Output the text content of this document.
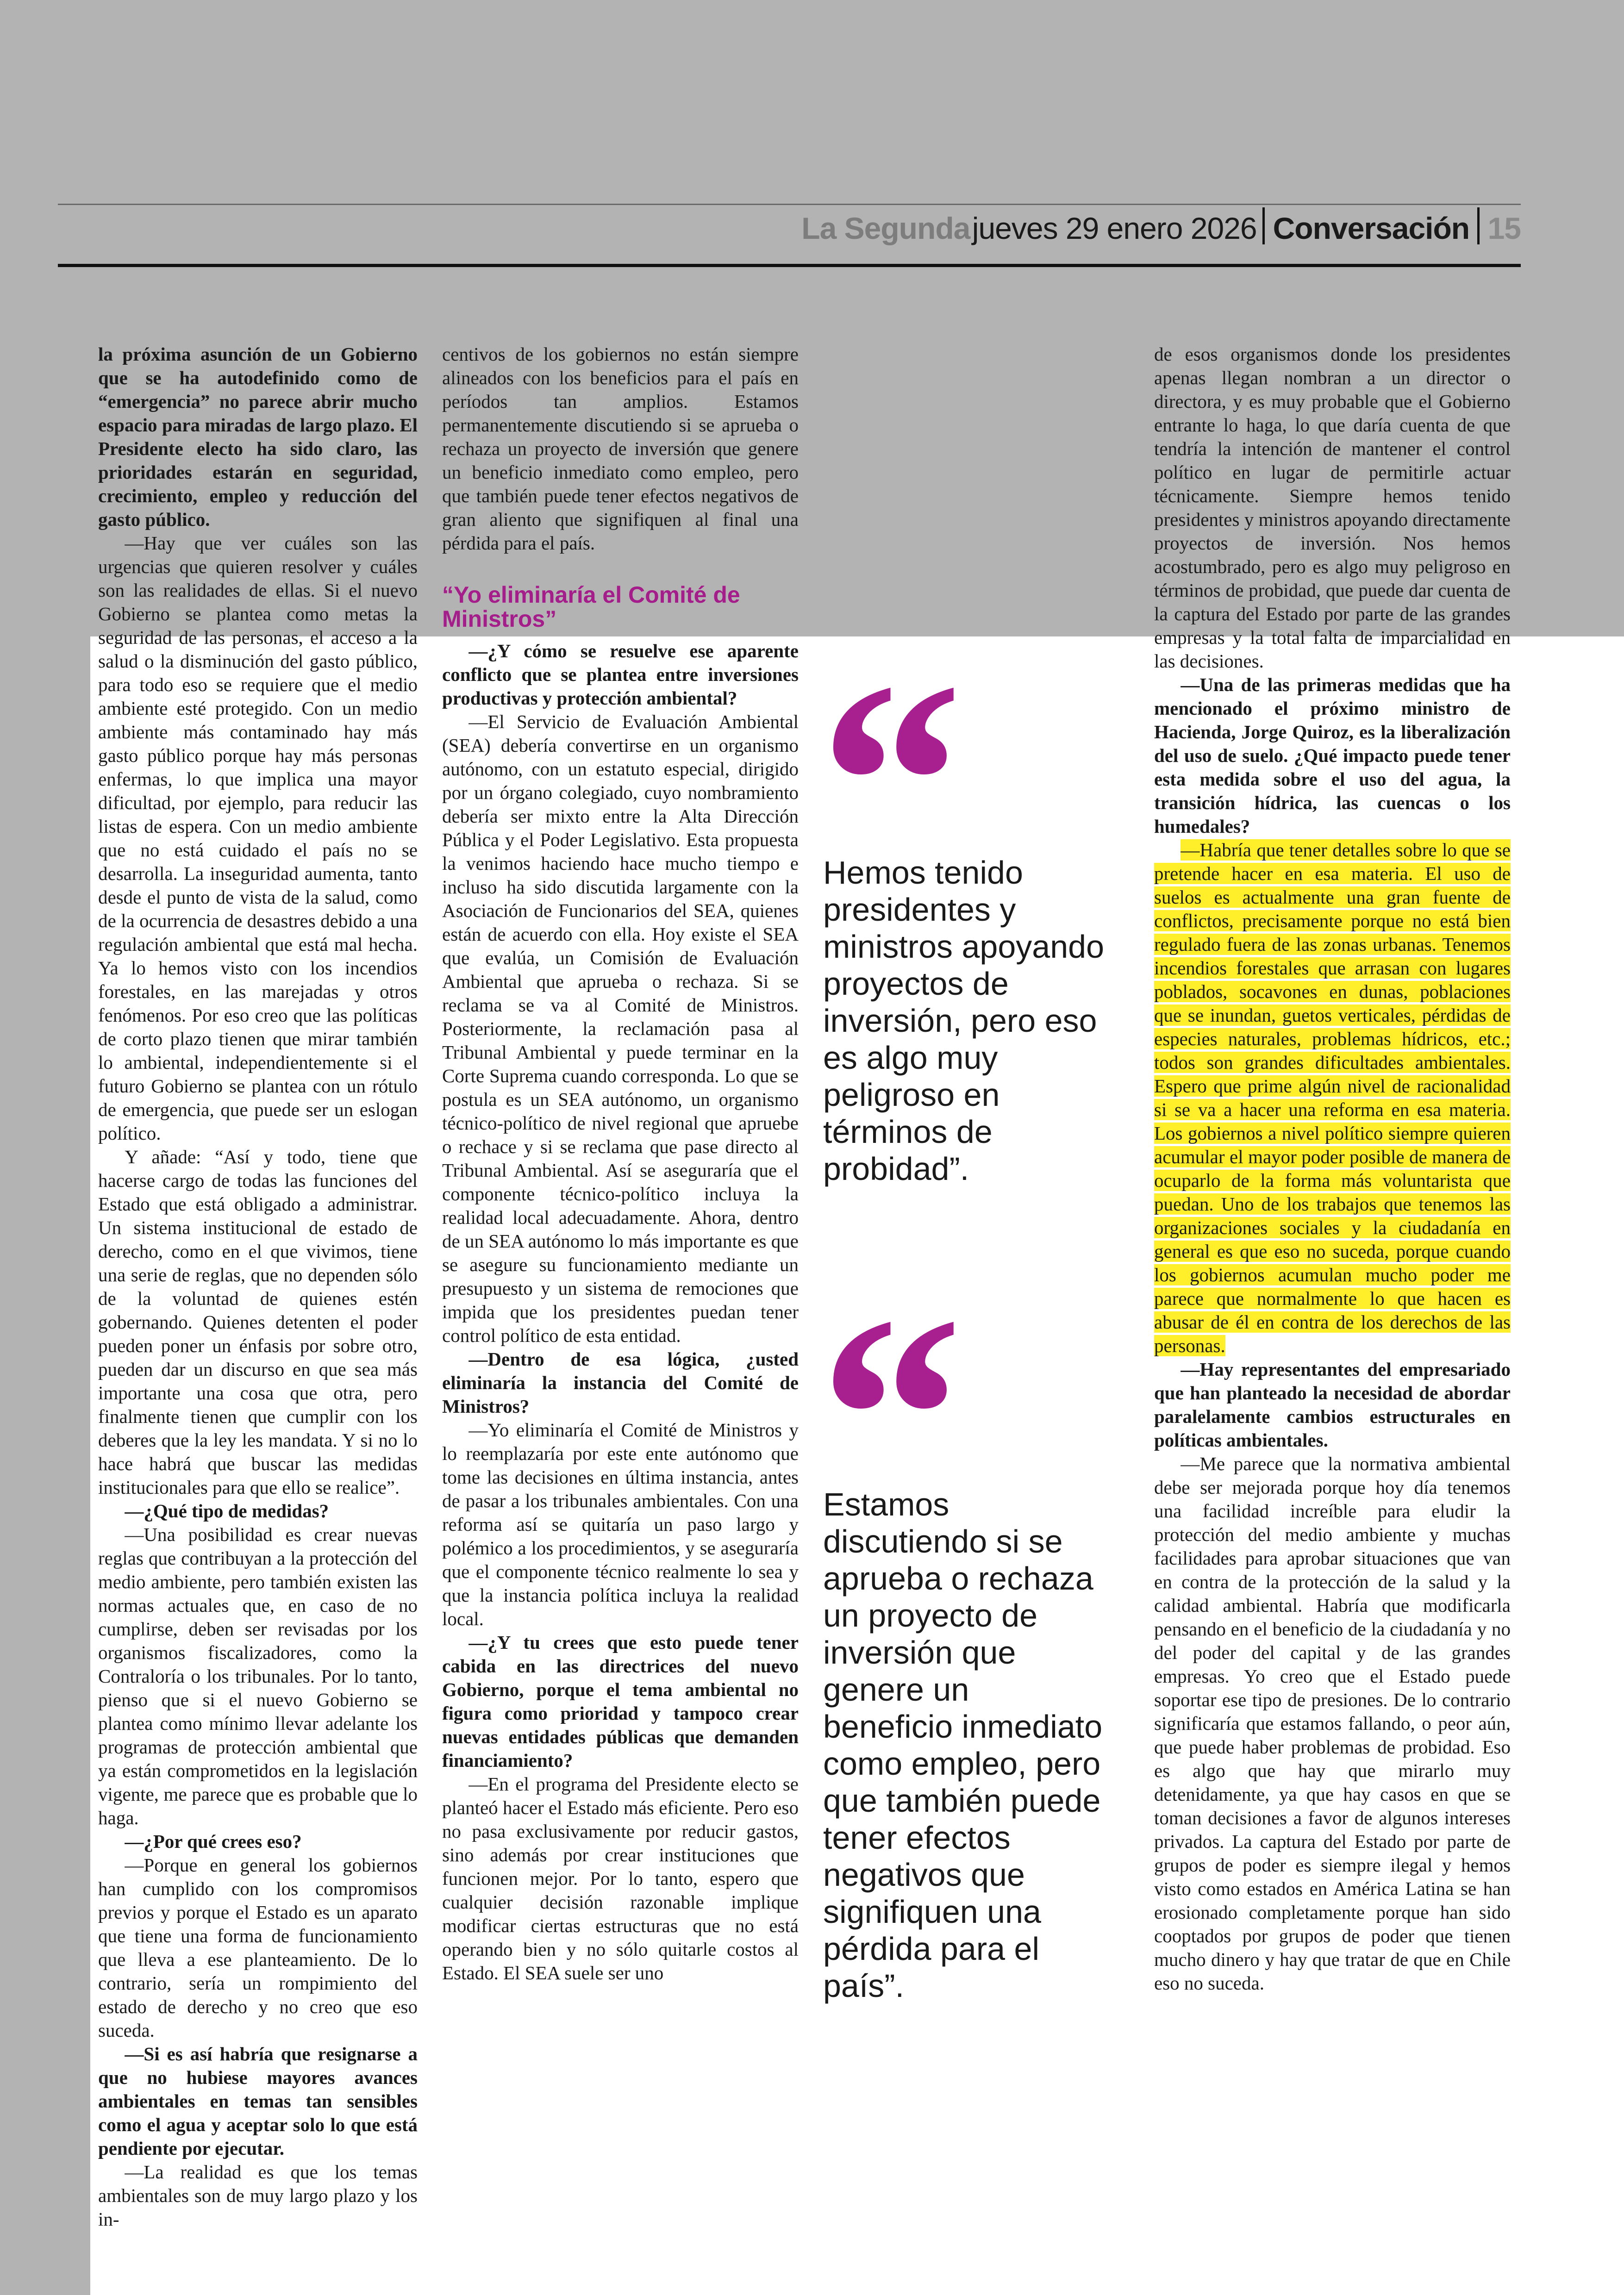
La Segunda jueves 29 enero 2026 Conversación 15

la próxima asunción de un Gobierno que se ha autodefinido como de “emergencia” no parece abrir mucho espacio para miradas de largo plazo. El Presidente electo ha sido claro, las prioridades estarán en seguridad, crecimiento, empleo y reducción del gasto público.

—Hay que ver cuáles son las urgencias que quieren resolver y cuáles son las realidades de ellas. Si el nuevo Gobierno se plantea como metas la seguridad de las personas, el acceso a la salud o la disminución del gasto público, para todo eso se requiere que el medio ambiente esté protegido. Con un medio ambiente más contaminado hay más gasto público porque hay más personas enfermas, lo que implica una mayor dificultad, por ejemplo, para reducir las listas de espera. Con un medio ambiente que no está cuidado el país no se desarrolla. La inseguridad aumenta, tanto desde el punto de vista de la salud, como de la ocurrencia de desastres debido a una regulación ambiental que está mal hecha. Ya lo hemos visto con los incendios forestales, en las marejadas y otros fenómenos. Por eso creo que las políticas de corto plazo tienen que mirar también lo ambiental, independientemente si el futuro Gobierno se plantea con un rótulo de emergencia, que puede ser un eslogan político.

Y añade: “Así y todo, tiene que hacerse cargo de todas las funciones del Estado que está obligado a administrar. Un sistema institucional de estado de derecho, como en el que vivimos, tiene una serie de reglas, que no dependen sólo de la voluntad de quienes estén gobernando. Quienes detenten el poder pueden poner un énfasis por sobre otro, pueden dar un discurso en que sea más importante una cosa que otra, pero finalmente tienen que cumplir con los deberes que la ley les mandata. Y si no lo hace habrá que buscar las medidas institucionales para que ello se realice”.

—¿Qué tipo de medidas?

—Una posibilidad es crear nuevas reglas que contribuyan a la protección del medio ambiente, pero también existen las normas actuales que, en caso de no cumplirse, deben ser revisadas por los organismos fiscalizadores, como la Contraloría o los tribunales. Por lo tanto, pienso que si el nuevo Gobierno se plantea como mínimo llevar adelante los programas de protección ambiental que ya están comprometidos en la legislación vigente, me parece que es probable que lo haga.

—¿Por qué crees eso?

—Porque en general los gobiernos han cumplido con los compromisos previos y porque el Estado es un aparato que tiene una forma de funcionamiento que lleva a ese planteamiento. De lo contrario, sería un rompimiento del estado de derecho y no creo que eso suceda.

—Si es así habría que resignarse a que no hubiese mayores avances ambientales en temas tan sensibles como el agua y aceptar solo lo que está pendiente por ejecutar.

—La realidad es que los temas ambientales son de muy largo plazo y los in-

centivos de los gobiernos no están siempre alineados con los beneficios para el país en períodos tan amplios. Estamos permanentemente discutiendo si se aprueba o rechaza un proyecto de inversión que genere un beneficio inmediato como empleo, pero que también puede tener efectos negativos de gran aliento que signifiquen al final una pérdida para el país.

“Yo eliminaría el Comité de Ministros”

—¿Y cómo se resuelve ese aparente conflicto que se plantea entre inversiones productivas y protección ambiental?

—El Servicio de Evaluación Ambiental (SEA) debería convertirse en un organismo autónomo, con un estatuto especial, dirigido por un órgano colegiado, cuyo nombramiento debería ser mixto entre la Alta Dirección Pública y el Poder Legislativo. Esta propuesta la venimos haciendo hace mucho tiempo e incluso ha sido discutida largamente con la Asociación de Funcionarios del SEA, quienes están de acuerdo con ella. Hoy existe el SEA que evalúa, un Comisión de Evaluación Ambiental que aprueba o rechaza. Si se reclama se va al Comité de Ministros. Posteriormente, la reclamación pasa al Tribunal Ambiental y puede terminar en la Corte Suprema cuando corresponda. Lo que se postula es un SEA autónomo, un organismo técnico-político de nivel regional que apruebe o rechace y si se reclama que pase directo al Tribunal Ambiental. Así se aseguraría que el componente técnico-político incluya la realidad local adecuadamente. Ahora, dentro de un SEA autónomo lo más importante es que se asegure su funcionamiento mediante un presupuesto y un sistema de remociones que impida que los presidentes puedan tener control político de esta entidad.

—Dentro de esa lógica, ¿usted eliminaría la instancia del Comité de Ministros?

—Yo eliminaría el Comité de Ministros y lo reemplazaría por este ente autónomo que tome las decisiones en última instancia, antes de pasar a los tribunales ambientales. Con una reforma así se quitaría un paso largo y polémico a los procedimientos, y se aseguraría que el componente técnico realmente lo sea y que la instancia política incluya la realidad local.

—¿Y tu crees que esto puede tener cabida en las directrices del nuevo Gobierno, porque el tema ambiental no figura como prioridad y tampoco crear nuevas entidades públicas que demanden financiamiento?

—En el programa del Presidente electo se planteó hacer el Estado más eficiente. Pero eso no pasa exclusivamente por reducir gastos, sino además por crear instituciones que funcionen mejor. Por lo tanto, espero que cualquier decisión razonable implique modificar ciertas estructuras que no está operando bien y no sólo quitarle costos al Estado. El SEA suele ser uno

Hemos tenido presidentes y ministros apoyando proyectos de inversión, pero eso es algo muy peligroso en términos de probidad”.
Estamos discutiendo si se aprueba o rechaza un proyecto de inversión que genere un beneficio inmediato como empleo, pero que también puede tener efectos negativos que signifiquen una pérdida para el país”.

de esos organismos donde los presidentes apenas llegan nombran a un director o directora, y es muy probable que el Gobierno entrante lo haga, lo que daría cuenta de que tendría la intención de mantener el control político en lugar de permitirle actuar técnicamente. Siempre hemos tenido presidentes y ministros apoyando directamente proyectos de inversión. Nos hemos acostumbrado, pero es algo muy peligroso en términos de probidad, que puede dar cuenta de la captura del Estado por parte de las grandes empresas y la total falta de imparcialidad en las decisiones.

—Una de las primeras medidas que ha mencionado el próximo ministro de Hacienda, Jorge Quiroz, es la liberalización del uso de suelo. ¿Qué impacto puede tener esta medida sobre el uso del agua, la transición hídrica, las cuencas o los humedales?

—Habría que tener detalles sobre lo que se pretende hacer en esa materia. El uso de suelos es actualmente una gran fuente de conflictos, precisamente porque no está bien regulado fuera de las zonas urbanas. Tenemos incendios forestales que arrasan con lugares poblados, socavones en dunas, poblaciones que se inundan, guetos verticales, pérdidas de especies naturales, problemas hídricos, etc.; todos son grandes dificultades ambientales. Espero que prime algún nivel de racionalidad si se va a hacer una reforma en esa materia. Los gobiernos a nivel político siempre quieren acumular el mayor poder posible de manera de ocuparlo de la forma más voluntarista que puedan. Uno de los trabajos que tenemos las organizaciones sociales y la ciudadanía en general es que eso no suceda, porque cuando los gobiernos acumulan mucho poder me parece que normalmente lo que hacen es abusar de él en contra de los derechos de las personas.

—Hay representantes del empresariado que han planteado la necesidad de abordar paralelamente cambios estructurales en políticas ambientales.

—Me parece que la normativa ambiental debe ser mejorada porque hoy día tenemos una facilidad increíble para eludir la protección del medio ambiente y muchas facilidades para aprobar situaciones que van en contra de la protección de la salud y la calidad ambiental. Habría que modificarla pensando en el beneficio de la ciudadanía y no del poder del capital y de las grandes empresas. Yo creo que el Estado puede soportar ese tipo de presiones. De lo contrario significaría que estamos fallando, o peor aún, que puede haber problemas de probidad. Eso es algo que hay que mirarlo muy detenidamente, ya que hay casos en que se toman decisiones a favor de algunos intereses privados. La captura del Estado por parte de grupos de poder es siempre ilegal y hemos visto como estados en América Latina se han erosionado completamente porque han sido cooptados por grupos de poder que tienen mucho dinero y hay que tratar de que en Chile eso no suceda.
